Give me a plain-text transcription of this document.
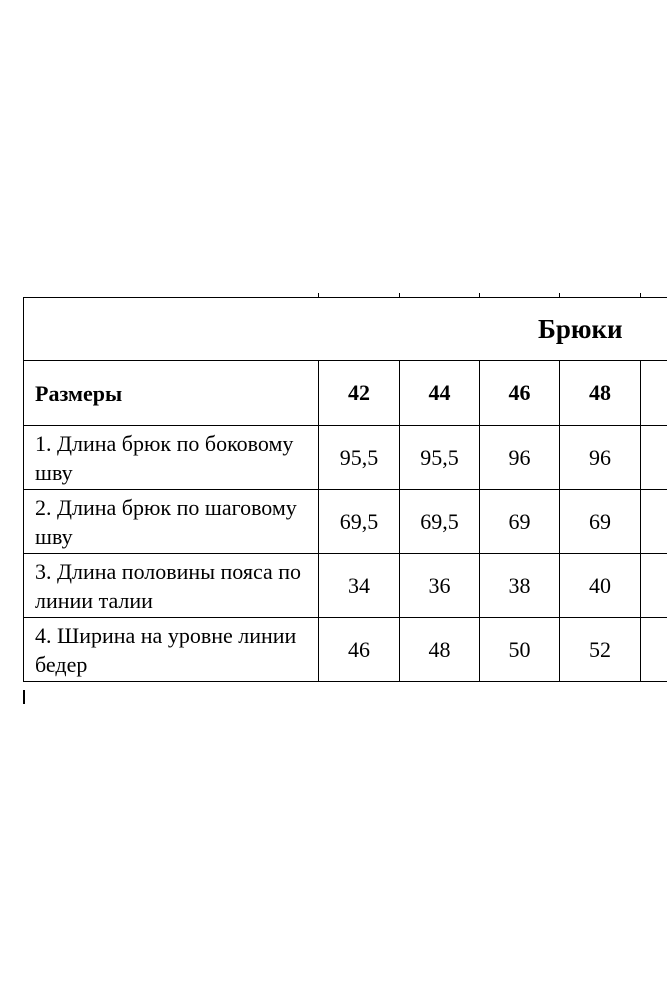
Брюки					
Размеры	42	44	46	48	
1. Длина брюк по боковому шву	95,5	95,5	96	96	
2. Длина брюк по шаговому шву	69,5	69,5	69	69	
3. Длина половины пояса по линии талии	34	36	38	40	
4. Ширина на уровне линии бедер	46	48	50	52	
